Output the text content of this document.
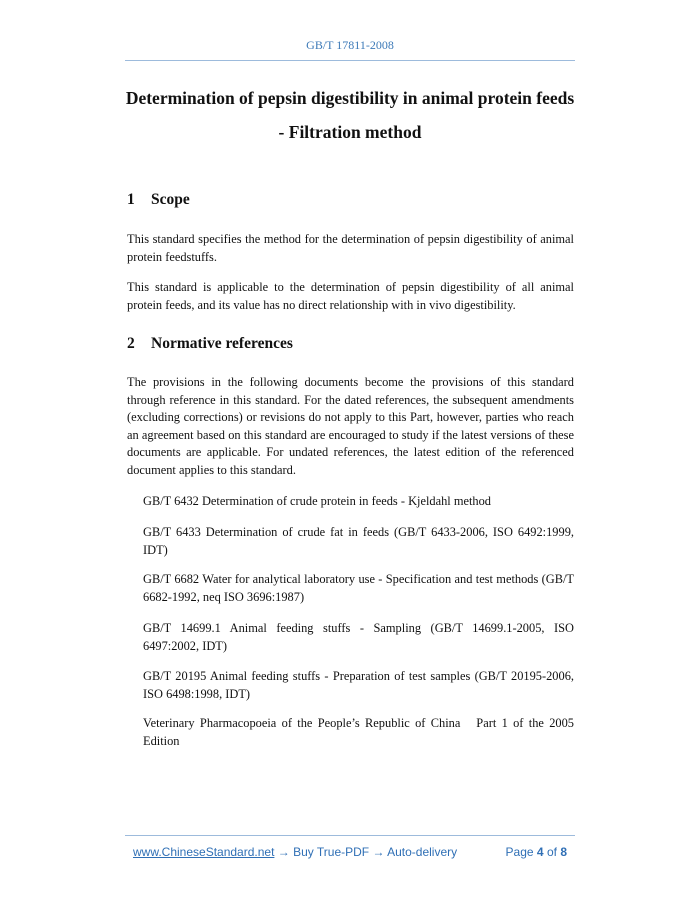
GB/T 17811-2008
Determination of pepsin digestibility in animal protein feeds
- Filtration method
1 Scope
This standard specifies the method for the determination of pepsin digestibility of animal protein feedstuffs.
This standard is applicable to the determination of pepsin digestibility of all animal protein feeds, and its value has no direct relationship with in vivo digestibility.
2 Normative references
The provisions in the following documents become the provisions of this standard through reference in this standard. For the dated references, the subsequent amendments (excluding corrections) or revisions do not apply to this Part, however, parties who reach an agreement based on this standard are encouraged to study if the latest versions of these documents are applicable. For undated references, the latest edition of the referenced document applies to this standard.
GB/T 6432 Determination of crude protein in feeds - Kjeldahl method
GB/T 6433 Determination of crude fat in feeds (GB/T 6433-2006, ISO 6492:1999, IDT)
GB/T 6682 Water for analytical laboratory use - Specification and test methods (GB/T 6682-1992, neq ISO 3696:1987)
GB/T 14699.1 Animal feeding stuffs - Sampling (GB/T 14699.1-2005, ISO 6497:2002, IDT)
GB/T 20195 Animal feeding stuffs - Preparation of test samples (GB/T 20195-2006, ISO 6498:1998, IDT)
Veterinary Pharmacopoeia of the People’s Republic of China   Part 1 of the 2005 Edition
www.ChineseStandard.net → Buy True-PDF → Auto-delivery	Page 4 of 8
